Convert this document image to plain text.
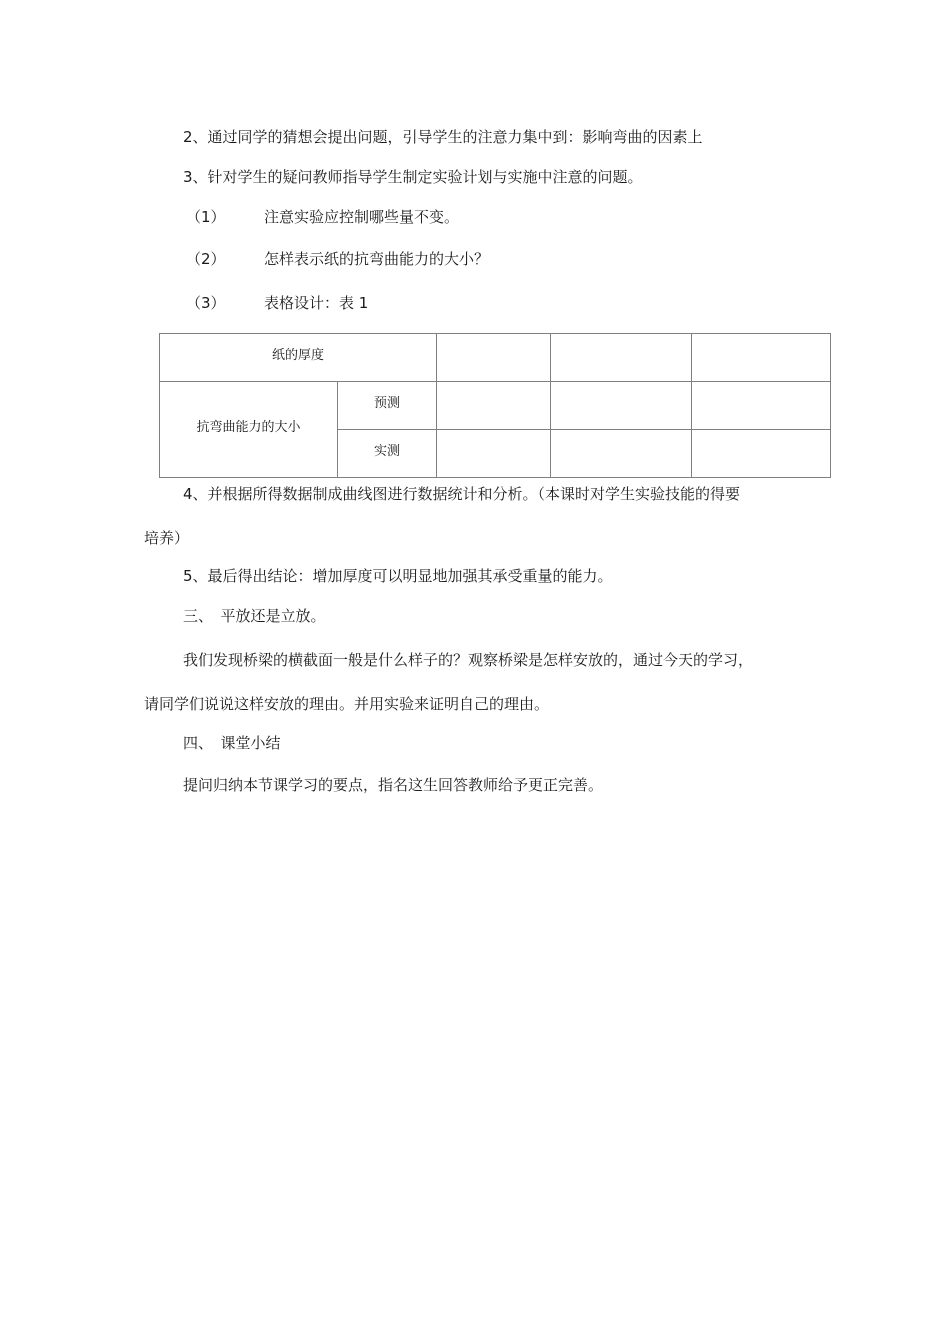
2、通过同学的猜想会提出问题，引导学生的注意力集中到：影响弯曲的因素上
3、针对学生的疑问教师指导学生制定实验计划与实施中注意的问题。
（1）	注意实验应控制哪些量不变。
（2）	怎样表示纸的抗弯曲能力的大小？
（3）	表格设计：表 1
纸的厚度				
抗弯曲能力的大小	预测			
	实测			
4、并根据所得数据制成曲线图进行数据统计和分析。（本课时对学生实验技能的得要
培养）
5、最后得出结论：增加厚度可以明显地加强其承受重量的能力。
三、　平放还是立放。
我们发现桥梁的横截面一般是什么样子的？观察桥梁是怎样安放的，通过今天的学习，
请同学们说说这样安放的理由。并用实验来证明自己的理由。
四、　课堂小结
提问归纳本节课学习的要点，指名这生回答教师给予更正完善。
